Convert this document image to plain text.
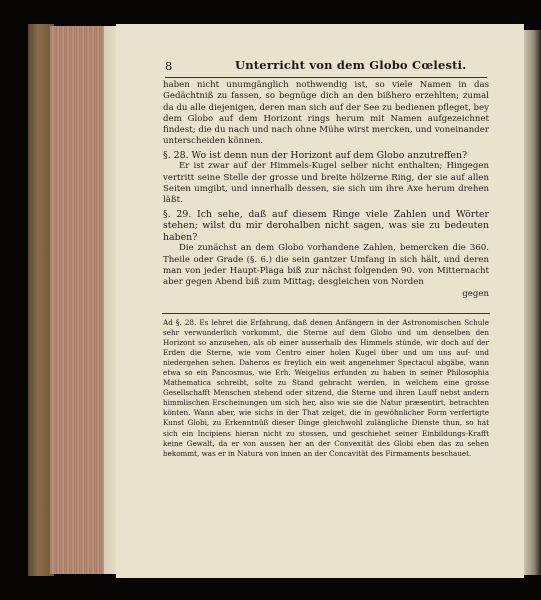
8	Unterricht von dem Globo Cœlesti.

haben nicht unumgänglich nothwendig ist, so viele Namen in das Gedächtniß zu fassen, so begnüge dich an den bißhero erzehlten; zumal da du alle diejenigen, deren man sich auf der See zu bedienen pfleget, bey dem Globo auf dem Horizont rings herum mit Namen aufgezeichnet findest; die du nach und nach ohne Mühe wirst mercken, und voneinander unterscheiden können.

§. 28. Wo ist denn nun der Horizont auf dem Globo anzutreffen?

Er ist zwar auf der Himmels-Kugel selber nicht enthalten; Hingegen vertritt seine Stelle der grosse und breite hölzerne Ring, der sie auf allen Seiten umgibt, und innerhalb dessen, sie sich um ihre Axe herum drehen läßt.

§. 29. Ich sehe, daß auf diesem Ringe viele Zahlen und Wörter stehen; wilst du mir derohalben nicht sagen, was sie zu bedeuten haben?

Die zunächst an dem Globo vorhandene Zahlen, bemercken die 360. Theile oder Grade (§. 6.) die sein gantzer Umfang in sich hält, und deren man von jeder Haupt-Plaga biß zur nächst folgenden 90. von Mitternacht aber gegen Abend biß zum Mittag; desgleichen von Norden

gegen

Ad §. 28. Es lehret die Erfahrung, daß denen Anfängern in der Astronomischen Schule sehr verwunderlich vorkommt, die Sterne auf dem Globo und um denselben den Horizont so anzusehen, als ob einer ausserhalb des Himmels stünde, wir doch auf der Erden die Sterne, wie vom Centro einer holen Kugel über und um uns auf- und niedergehen sehen. Daheros es freylich ein weit angenehmer Spectacul abgäbe, wann etwa so ein Pancosmus, wie Erh. Weigelius erfunden zu haben in seiner Philosophia Mathematica schreibt, solte zu Stand gebracht werden, in welchem eine grosse Gesellschafft Menschen stehend oder sitzend, die Sterne und ihren Lauff nebst andern himmlischen Erscheinungen um sich her, also wie sie die Natur præsentirt, betrachten könten. Wann aber, wie sichs in der That zeiget, die in gewöhnlicher Form verfertigte Kunst Globi, zu Erkenntnüß dieser Dinge gleichwohl zulängliche Dienste thun, so hat sich ein Incipiens hieran nicht zu stossen, und geschiehet seiner Einbildungs-Krafft keine Gewalt, da er von aussen her an der Convexität des Globi eben das zu sehen bekommt, was er in Natura von innen an der Concavität des Firmaments beschauet.
